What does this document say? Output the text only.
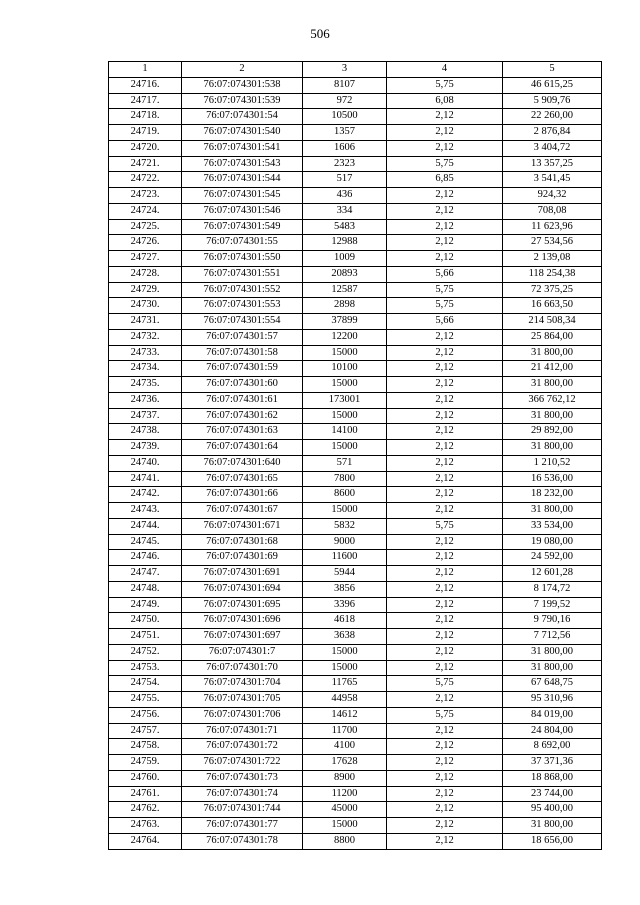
506
1	2	3	4	5
24716.	76:07:074301:538	8107	5,75	46 615,25
24717.	76:07:074301:539	972	6,08	5 909,76
24718.	76:07:074301:54	10500	2,12	22 260,00
24719.	76:07:074301:540	1357	2,12	2 876,84
24720.	76:07:074301:541	1606	2,12	3 404,72
24721.	76:07:074301:543	2323	5,75	13 357,25
24722.	76:07:074301:544	517	6,85	3 541,45
24723.	76:07:074301:545	436	2,12	924,32
24724.	76:07:074301:546	334	2,12	708,08
24725.	76:07:074301:549	5483	2,12	11 623,96
24726.	76:07:074301:55	12988	2,12	27 534,56
24727.	76:07:074301:550	1009	2,12	2 139,08
24728.	76:07:074301:551	20893	5,66	118 254,38
24729.	76:07:074301:552	12587	5,75	72 375,25
24730.	76:07:074301:553	2898	5,75	16 663,50
24731.	76:07:074301:554	37899	5,66	214 508,34
24732.	76:07:074301:57	12200	2,12	25 864,00
24733.	76:07:074301:58	15000	2,12	31 800,00
24734.	76:07:074301:59	10100	2,12	21 412,00
24735.	76:07:074301:60	15000	2,12	31 800,00
24736.	76:07:074301:61	173001	2,12	366 762,12
24737.	76:07:074301:62	15000	2,12	31 800,00
24738.	76:07:074301:63	14100	2,12	29 892,00
24739.	76:07:074301:64	15000	2,12	31 800,00
24740.	76:07:074301:640	571	2,12	1 210,52
24741.	76:07:074301:65	7800	2,12	16 536,00
24742.	76:07:074301:66	8600	2,12	18 232,00
24743.	76:07:074301:67	15000	2,12	31 800,00
24744.	76:07:074301:671	5832	5,75	33 534,00
24745.	76:07:074301:68	9000	2,12	19 080,00
24746.	76:07:074301:69	11600	2,12	24 592,00
24747.	76:07:074301:691	5944	2,12	12 601,28
24748.	76:07:074301:694	3856	2,12	8 174,72
24749.	76:07:074301:695	3396	2,12	7 199,52
24750.	76:07:074301:696	4618	2,12	9 790,16
24751.	76:07:074301:697	3638	2,12	7 712,56
24752.	76:07:074301:7	15000	2,12	31 800,00
24753.	76:07:074301:70	15000	2,12	31 800,00
24754.	76:07:074301:704	11765	5,75	67 648,75
24755.	76:07:074301:705	44958	2,12	95 310,96
24756.	76:07:074301:706	14612	5,75	84 019,00
24757.	76:07:074301:71	11700	2,12	24 804,00
24758.	76:07:074301:72	4100	2,12	8 692,00
24759.	76:07:074301:722	17628	2,12	37 371,36
24760.	76:07:074301:73	8900	2,12	18 868,00
24761.	76:07:074301:74	11200	2,12	23 744,00
24762.	76:07:074301:744	45000	2,12	95 400,00
24763.	76:07:074301:77	15000	2,12	31 800,00
24764.	76:07:074301:78	8800	2,12	18 656,00
